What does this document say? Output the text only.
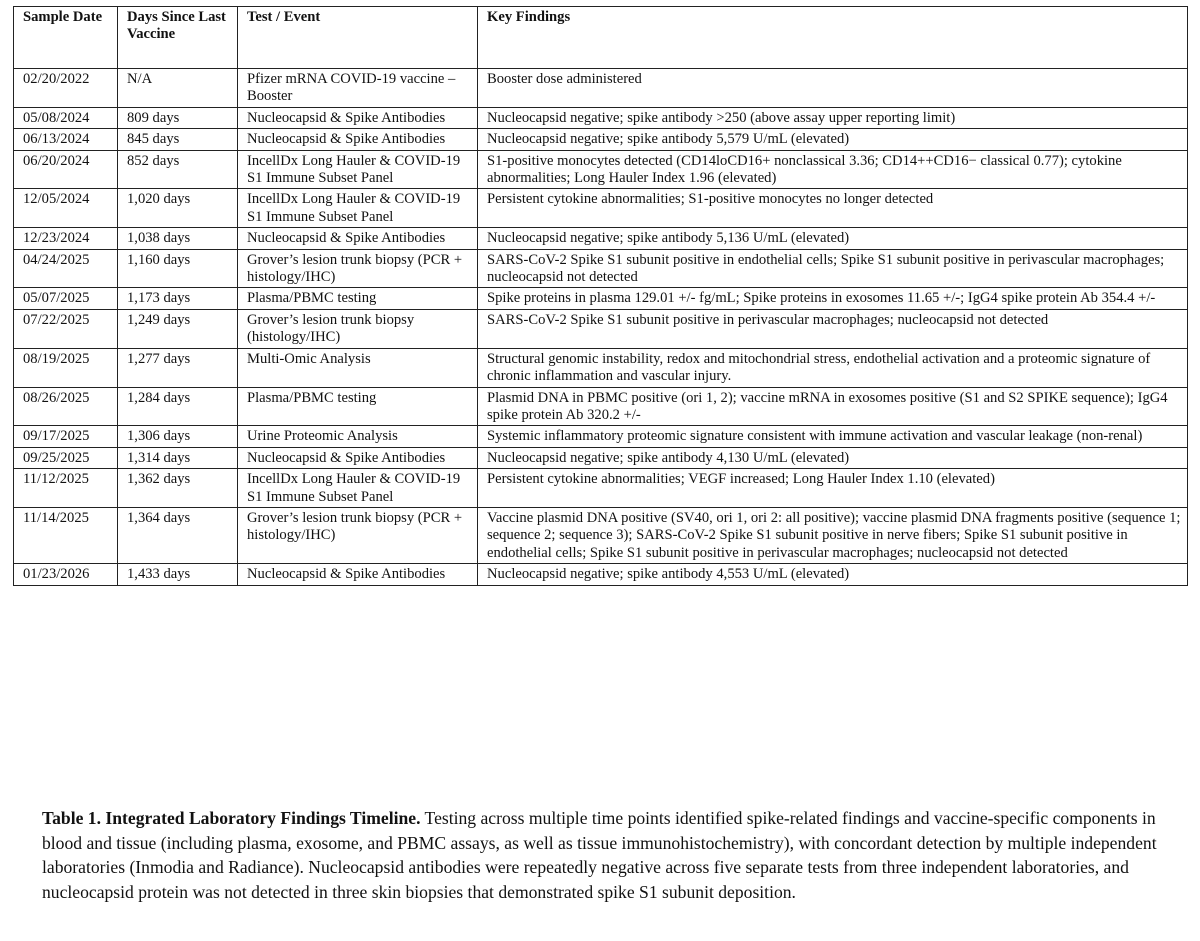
Sample Date	Days Since Last Vaccine	Test / Event	Key Findings
02/20/2022	N/A	Pfizer mRNA COVID-19 vaccine – Booster	Booster dose administered
05/08/2024	809 days	Nucleocapsid & Spike Antibodies	Nucleocapsid negative; spike antibody >250 (above assay upper reporting limit)
06/13/2024	845 days	Nucleocapsid & Spike Antibodies	Nucleocapsid negative; spike antibody 5,579 U/mL (elevated)
06/20/2024	852 days	IncellDx Long Hauler & COVID-19 S1 Immune Subset Panel	S1-positive monocytes detected (CD14loCD16+ nonclassical 3.36; CD14++CD16− classical 0.77); cytokine abnormalities; Long Hauler Index 1.96 (elevated)
12/05/2024	1,020 days	IncellDx Long Hauler & COVID-19 S1 Immune Subset Panel	Persistent cytokine abnormalities; S1-positive monocytes no longer detected
12/23/2024	1,038 days	Nucleocapsid & Spike Antibodies	Nucleocapsid negative; spike antibody 5,136 U/mL (elevated)
04/24/2025	1,160 days	Grover’s lesion trunk biopsy (PCR + histology/IHC)	SARS-CoV-2 Spike S1 subunit positive in endothelial cells; Spike S1 subunit positive in perivascular macrophages; nucleocapsid not detected
05/07/2025	1,173 days	Plasma/PBMC testing	Spike proteins in plasma 129.01 +/- fg/mL; Spike proteins in exosomes 11.65 +/-; IgG4 spike protein Ab 354.4 +/-
07/22/2025	1,249 days	Grover’s lesion trunk biopsy (histology/IHC)	SARS-CoV-2 Spike S1 subunit positive in perivascular macrophages; nucleocapsid not detected
08/19/2025	1,277 days	Multi-Omic Analysis	Structural genomic instability, redox and mitochondrial stress, endothelial activation and a proteomic signature of chronic inflammation and vascular injury.
08/26/2025	1,284 days	Plasma/PBMC testing	Plasmid DNA in PBMC positive (ori 1, 2); vaccine mRNA in exosomes positive (S1 and S2 SPIKE sequence); IgG4 spike protein Ab 320.2 +/-
09/17/2025	1,306 days	Urine Proteomic Analysis	Systemic inflammatory proteomic signature consistent with immune activation and vascular leakage (non-renal)
09/25/2025	1,314 days	Nucleocapsid & Spike Antibodies	Nucleocapsid negative; spike antibody 4,130 U/mL (elevated)
11/12/2025	1,362 days	IncellDx Long Hauler & COVID-19 S1 Immune Subset Panel	Persistent cytokine abnormalities; VEGF increased; Long Hauler Index 1.10 (elevated)
11/14/2025	1,364 days	Grover’s lesion trunk biopsy (PCR + histology/IHC)	Vaccine plasmid DNA positive (SV40, ori 1, ori 2: all positive); vaccine plasmid DNA fragments positive (sequence 1; sequence 2; sequence 3); SARS-CoV-2 Spike S1 subunit positive in nerve fibers; Spike S1 subunit positive in endothelial cells; Spike S1 subunit positive in perivascular macrophages; nucleocapsid not detected
01/23/2026	1,433 days	Nucleocapsid & Spike Antibodies	Nucleocapsid negative; spike antibody 4,553 U/mL (elevated)

Table 1. Integrated Laboratory Findings Timeline. Testing across multiple time points identified spike-related findings and vaccine-specific components in blood and tissue (including plasma, exosome, and PBMC assays, as well as tissue immunohistochemistry), with concordant detection by multiple independent laboratories (Inmodia and Radiance). Nucleocapsid antibodies were repeatedly negative across five separate tests from three independent laboratories, and nucleocapsid protein was not detected in three skin biopsies that demonstrated spike S1 subunit deposition.
